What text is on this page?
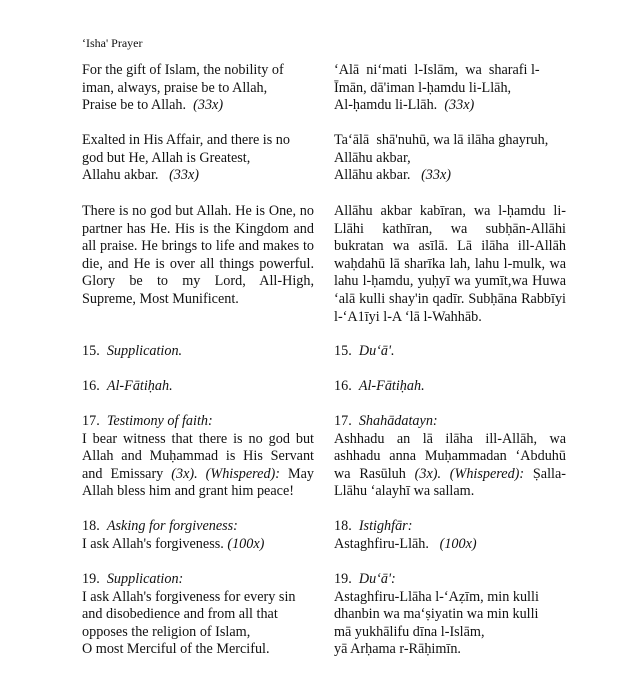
‘Isha' Prayer
For the gift of Islam, the nobility of
iman, always, praise be to Allah,
Praise be to Allah. (33x)
‘Alā  niʻmati  l-Islām,  wa  sharafi l-
Īmān, dā'iman l-ḥamdu li-Llāh,
Al-ḥamdu li-Llāh. (33x)
Exalted in His Affair, and there is no
god but He, Allah is Greatest,
Allahu akbar. (33x)
Taʻālā  shā'nuhū, wa lā ilāha ghayruh,
Allāhu akbar,
Allāhu akbar. (33x)
There is no god but Allah. He is One, no partner has He. His is the Kingdom and all praise. He brings to life and makes to die, and He is over all things powerful. Glory be to my Lord, All-High, Supreme, Most Munificent.
Allāhu akbar kabīran, wa l-ḥamdu li-Llāhi kathīran, wa subḥān-Allāhi bukratan wa asīlā. Lā ilāha ill-Allāh waḥdahū lā sharīka lah, lahu l-mulk, wa lahu l-ḥamdu, yuḥyī wa yumīt,wa Huwa ‘alā kulli shay'in qadīr. Subḥāna Rabbīyi l-‘A1īyi l-A ‘lā l-Wahhāb.
15. Supplication.	15. Du‘ā'.
16. Al-Fātiḥah.	16. Al-Fātiḥah.
17. Testimony of faith:
I bear witness that there is no god but Allah and Muḥammad is His Servant and Emissary (3x). (Whispered): May Allah bless him and grant him peace!
17. Shahādatayn:
Ashhadu an lā ilāha ill-Allāh, wa ashhadu anna Muḥammadan ‘Abduhū wa Rasūluh (3x). (Whispered): Ṣalla-Llāhu ‘alayhī wa sallam.
18. Asking for forgiveness:
I ask Allah's forgiveness. (100x)
18. Istighfār:
Astaghfiru-Llāh. (100x)
19. Supplication:
I ask Allah's forgiveness for every sin
and disobedience and from all that
opposes the religion of Islam,
O most Merciful of the Merciful.
19. Du‘ā':
Astaghfiru-Llāha l-‘Aẓīm, min kulli
dhanbin wa ma‘ṣiyatin wa min kulli
mā yukhālifu dīna l-Islām,
yā Arḥama r-Rāḥimīn.
